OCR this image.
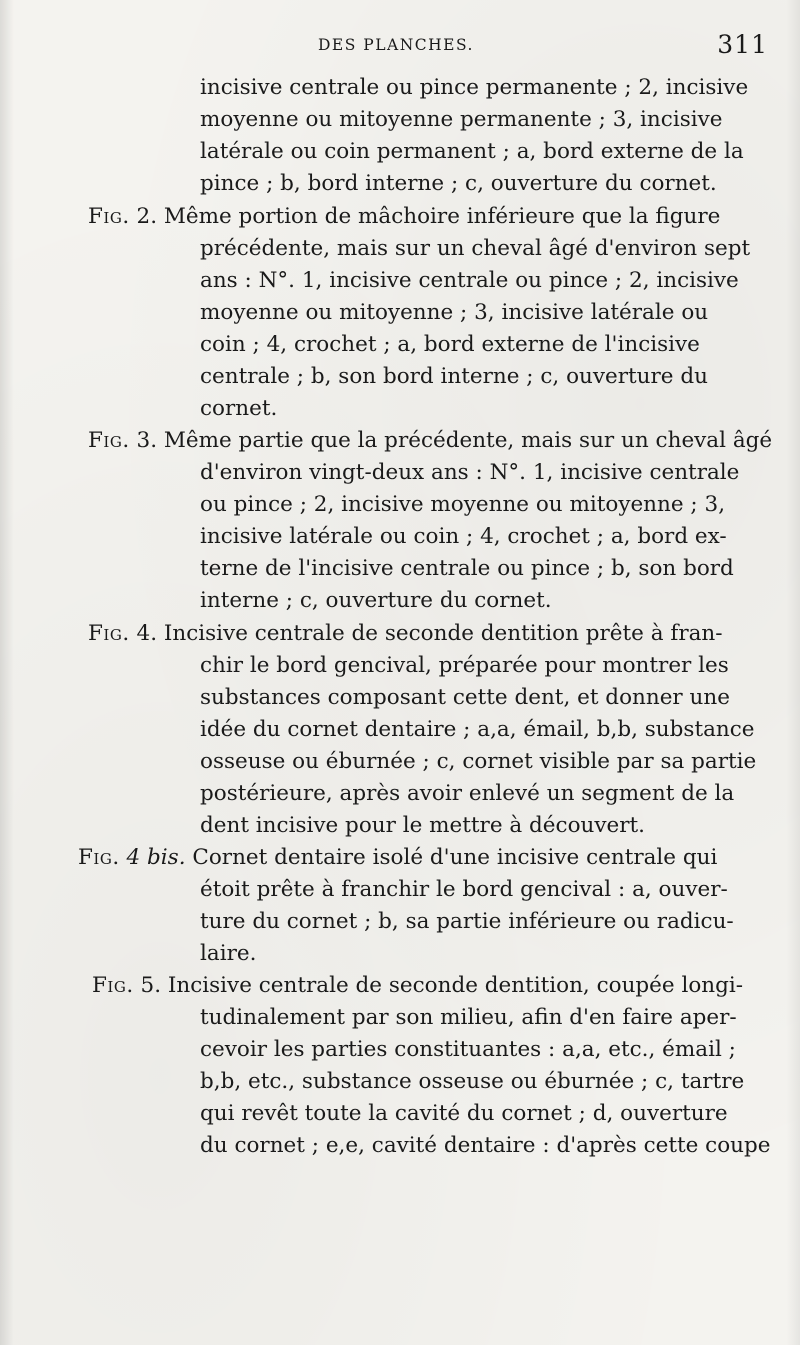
DES PLANCHES.	311
incisive centrale ou pince permanente ; 2, incisive
moyenne ou mitoyenne permanente ; 3, incisive
latérale ou coin permanent ; a, bord externe de la
pince ; b, bord interne ; c, ouverture du cornet.
Fig. 2. Même portion de mâchoire inférieure que la figure
précédente, mais sur un cheval âgé d'environ sept
ans : N°. 1, incisive centrale ou pince ; 2, incisive
moyenne ou mitoyenne ; 3, incisive latérale ou
coin ; 4, crochet ; a, bord externe de l'incisive
centrale ; b, son bord interne ; c, ouverture du
cornet.
Fig. 3. Même partie que la précédente, mais sur un cheval âgé
d'environ vingt-deux ans : N°. 1, incisive centrale
ou pince ; 2, incisive moyenne ou mitoyenne ; 3,
incisive latérale ou coin ; 4, crochet ; a, bord ex-
terne de l'incisive centrale ou pince ; b, son bord
interne ; c, ouverture du cornet.
Fig. 4. Incisive centrale de seconde dentition prête à fran-
chir le bord gencival, préparée pour montrer les
substances composant cette dent, et donner une
idée du cornet dentaire ; a,a, émail, b,b, substance
osseuse ou éburnée ; c, cornet visible par sa partie
postérieure, après avoir enlevé un segment de la
dent incisive pour le mettre à découvert.
Fig. 4 bis. Cornet dentaire isolé d'une incisive centrale qui
étoit prête à franchir le bord gencival : a, ouver-
ture du cornet ; b, sa partie inférieure ou radicu-
laire.
Fig. 5. Incisive centrale de seconde dentition, coupée longi-
tudinalement par son milieu, afin d'en faire aper-
cevoir les parties constituantes : a,a, etc., émail ;
b,b, etc., substance osseuse ou éburnée ; c, tartre
qui revêt toute la cavité du cornet ; d, ouverture
du cornet ; e,e, cavité dentaire : d'après cette coupe
